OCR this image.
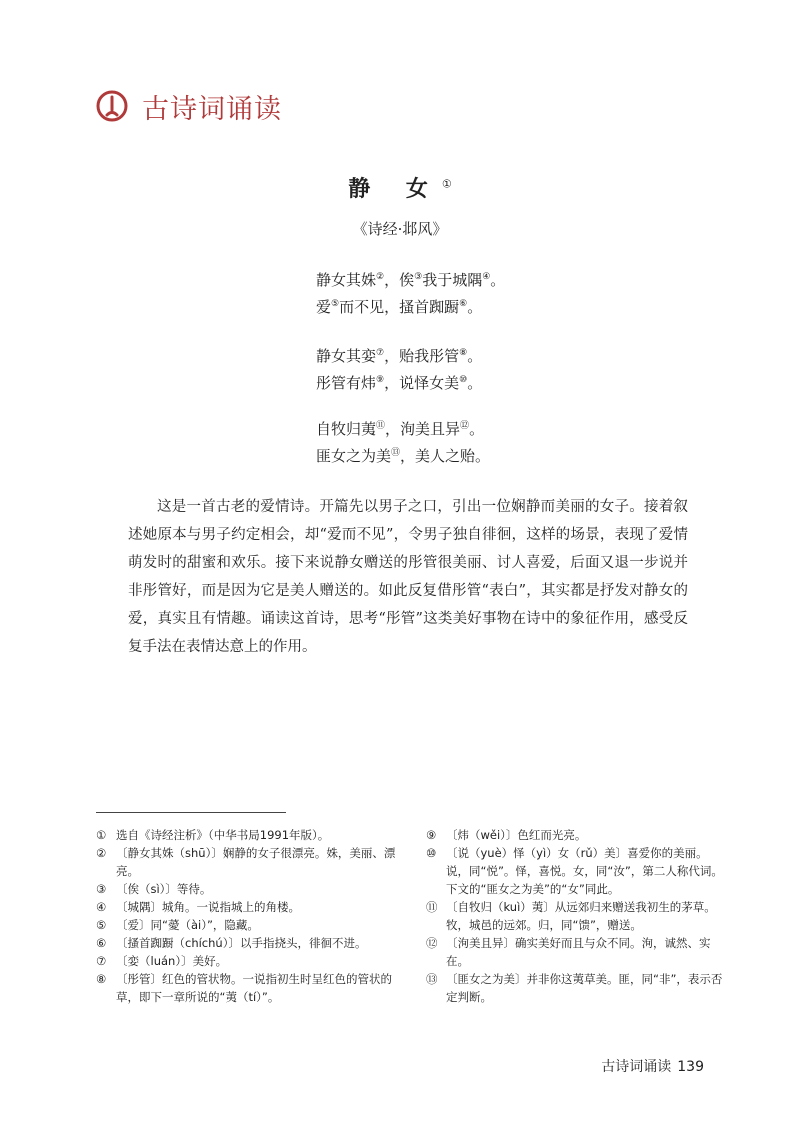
古诗词诵读
静 女①
《诗经·邶风》
静女其姝②，俟③我于城隅④。
爱⑤而不见，搔首踟蹰⑥。
静女其娈⑦，贻我彤管⑧。
彤管有炜⑨，说怿女美⑩。
自牧归荑⑪，洵美且异⑫。
匪女之为美⑬，美人之贻。

这是一首古老的爱情诗。开篇先以男子之口，引出一位娴静而美丽的女子。接着叙述她原本与男子约定相会，却“爱而不见”，令男子独自徘徊，这样的场景，表现了爱情萌发时的甜蜜和欢乐。接下来说静女赠送的彤管很美丽、讨人喜爱，后面又退一步说并非彤管好，而是因为它是美人赠送的。如此反复借彤管“表白”，其实都是抒发对静女的爱，真实且有情趣。诵读这首诗，思考“彤管”这类美好事物在诗中的象征作用，感受反复手法在表情达意上的作用。

① 选自《诗经注析》（中华书局1991年版）。
② 〔静女其姝（shū）〕娴静的女子很漂亮。姝，美丽、漂亮。
③ 〔俟（sì）〕等待。
④ 〔城隅〕城角。一说指城上的角楼。
⑤ 〔爱〕同“薆（ài）”，隐藏。
⑥ 〔搔首踟蹰（chíchú）〕以手指挠头，徘徊不进。
⑦ 〔娈（luán）〕美好。
⑧ 〔彤管〕红色的管状物。一说指初生时呈红色的管状的草，即下一章所说的“荑（tí）”。
⑨ 〔炜（wěi）〕色红而光亮。
⑩ 〔说（yuè）怿（yì）女（rǔ）美〕喜爱你的美丽。说，同“悦”。怿，喜悦。女，同“汝”，第二人称代词。下文的“匪女之为美”的“女”同此。
⑪ 〔自牧归（kuì）荑〕从远郊归来赠送我初生的茅草。牧，城邑的远郊。归，同“馈”，赠送。
⑫ 〔洵美且异〕确实美好而且与众不同。洵，诚然、实在。
⑬ 〔匪女之为美〕并非你这荑草美。匪，同“非”，表示否定判断。
古诗词诵读 139
